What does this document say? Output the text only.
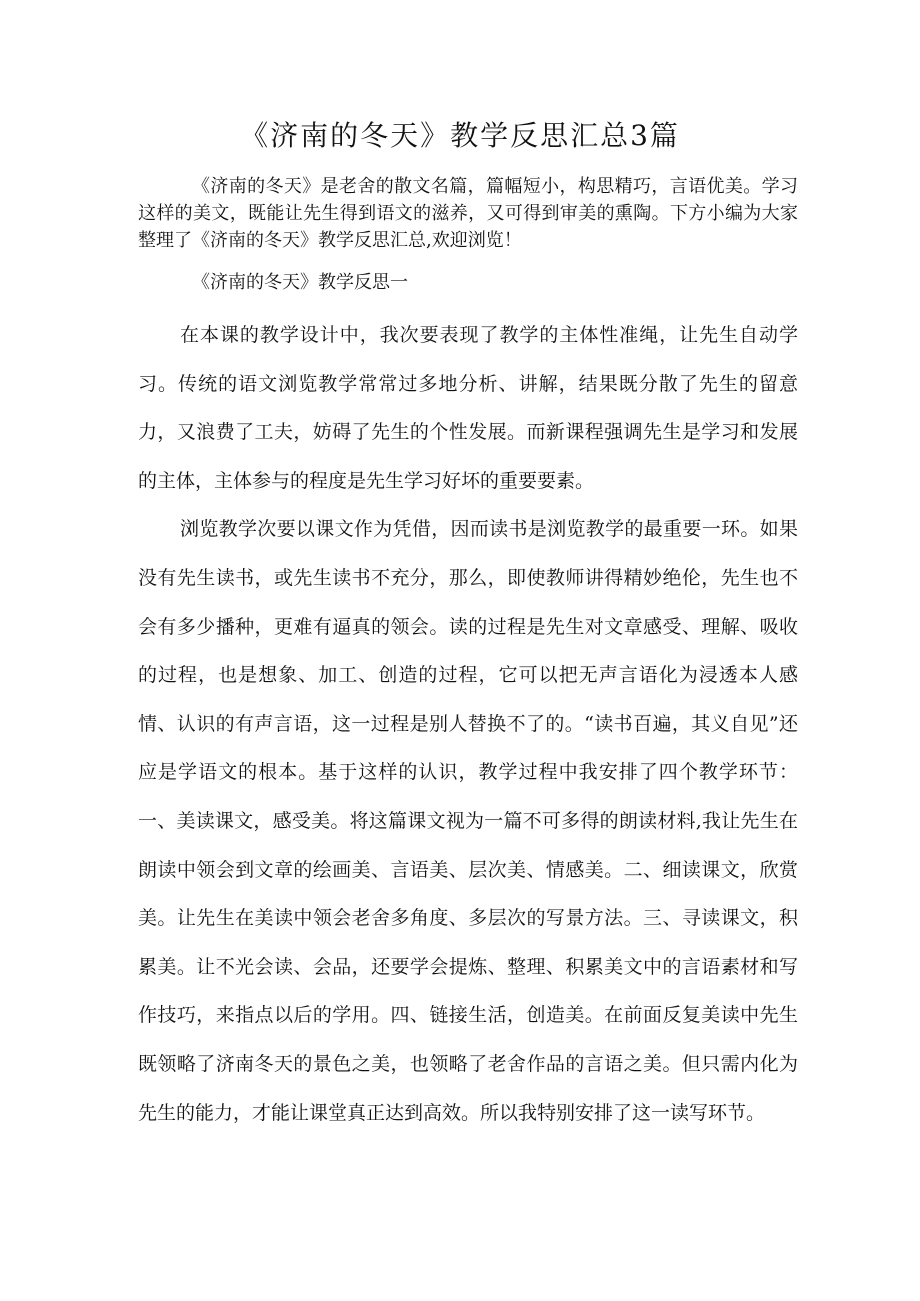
《济南的冬天》教学反思汇总3篇

《济南的冬天》是老舍的散文名篇，篇幅短小，构思精巧，言语优美。学习这样的美文，既能让先生得到语文的滋养，又可得到审美的熏陶。下方小编为大家整理了《济南的冬天》教学反思汇总,欢迎浏览！

《济南的冬天》教学反思一

在本课的教学设计中，我次要表现了教学的主体性准绳，让先生自动学习。传统的语文浏览教学常常过多地分析、讲解，结果既分散了先生的留意力，又浪费了工夫，妨碍了先生的个性发展。而新课程强调先生是学习和发展的主体，主体参与的程度是先生学习好坏的重要要素。

浏览教学次要以课文作为凭借，因而读书是浏览教学的最重要一环。如果没有先生读书，或先生读书不充分，那么，即使教师讲得精妙绝伦，先生也不会有多少播种，更难有逼真的领会。读的过程是先生对文章感受、理解、吸收的过程，也是想象、加工、创造的过程，它可以把无声言语化为浸透本人感情、认识的有声言语，这一过程是别人替换不了的。“读书百遍，其义自见”还应是学语文的根本。基于这样的认识，教学过程中我安排了四个教学环节：一、美读课文，感受美。将这篇课文视为一篇不可多得的朗读材料,我让先生在朗读中领会到文章的绘画美、言语美、层次美、情感美。二、细读课文，欣赏美。让先生在美读中领会老舍多角度、多层次的写景方法。三、寻读课文，积累美。让不光会读、会品，还要学会提炼、整理、积累美文中的言语素材和写作技巧，来指点以后的学用。四、链接生活，创造美。在前面反复美读中先生既领略了济南冬天的景色之美，也领略了老舍作品的言语之美。但只需内化为先生的能力，才能让课堂真正达到高效。所以我特别安排了这一读写环节。
